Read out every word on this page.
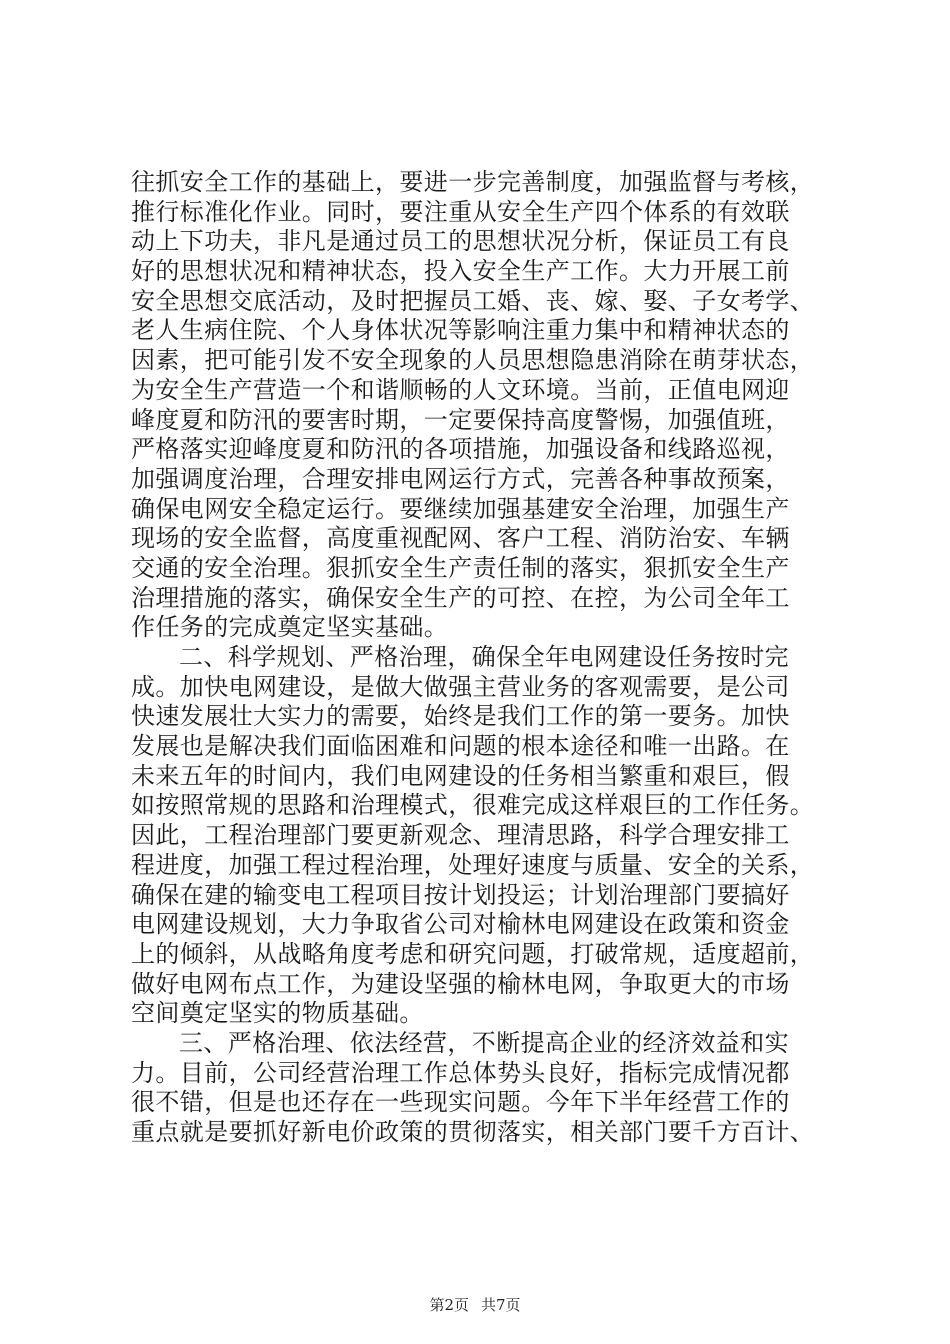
往抓安全工作的基础上，要进一步完善制度，加强监督与考核，
推行标准化作业。同时，要注重从安全生产四个体系的有效联
动上下功夫，非凡是通过员工的思想状况分析，保证员工有良
好的思想状况和精神状态，投入安全生产工作。大力开展工前
安全思想交底活动，及时把握员工婚、丧、嫁、娶、子女考学、
老人生病住院、个人身体状况等影响注重力集中和精神状态的
因素，把可能引发不安全现象的人员思想隐患消除在萌芽状态，
为安全生产营造一个和谐顺畅的人文环境。当前，正值电网迎
峰度夏和防汛的要害时期，一定要保持高度警惕，加强值班，
严格落实迎峰度夏和防汛的各项措施，加强设备和线路巡视，
加强调度治理，合理安排电网运行方式，完善各种事故预案，
确保电网安全稳定运行。要继续加强基建安全治理，加强生产
现场的安全监督，高度重视配网、客户工程、消防治安、车辆
交通的安全治理。狠抓安全生产责任制的落实，狠抓安全生产
治理措施的落实，确保安全生产的可控、在控，为公司全年工
作任务的完成奠定坚实基础。
二、科学规划、严格治理，确保全年电网建设任务按时完
成。加快电网建设，是做大做强主营业务的客观需要，是公司
快速发展壮大实力的需要，始终是我们工作的第一要务。加快
发展也是解决我们面临困难和问题的根本途径和唯一出路。在
未来五年的时间内，我们电网建设的任务相当繁重和艰巨，假
如按照常规的思路和治理模式，很难完成这样艰巨的工作任务。
因此，工程治理部门要更新观念、理清思路，科学合理安排工
程进度，加强工程过程治理，处理好速度与质量、安全的关系，
确保在建的输变电工程项目按计划投运；计划治理部门要搞好
电网建设规划，大力争取省公司对榆林电网建设在政策和资金
上的倾斜，从战略角度考虑和研究问题，打破常规，适度超前，
做好电网布点工作，为建设坚强的榆林电网，争取更大的市场
空间奠定坚实的物质基础。
三、严格治理、依法经营，不断提高企业的经济效益和实
力。目前，公司经营治理工作总体势头良好，指标完成情况都
很不错，但是也还存在一些现实问题。今年下半年经营工作的
重点就是要抓好新电价政策的贯彻落实，相关部门要千方百计、
第2页 共7页
